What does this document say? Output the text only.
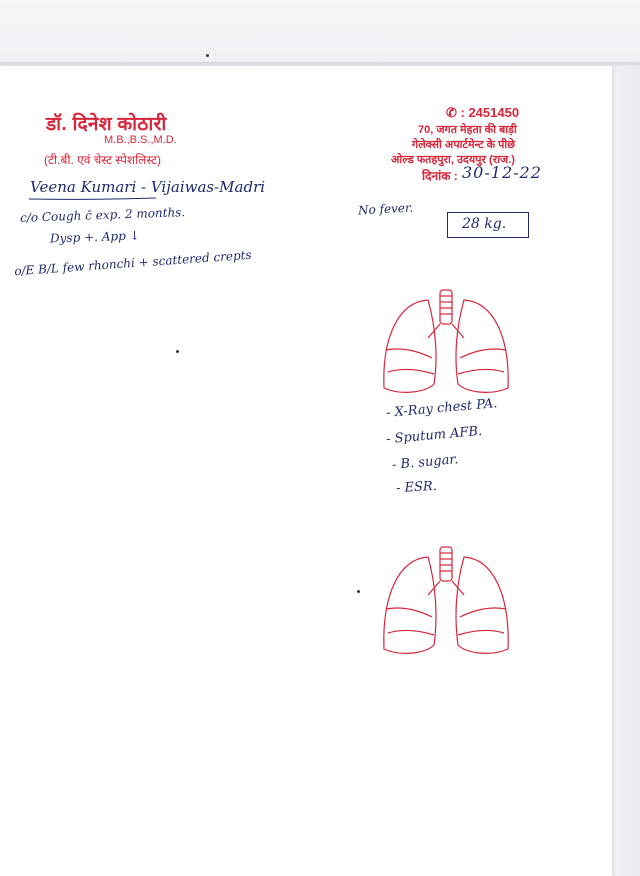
डॉ. दिनेश कोठारी
M.B.,B.S.,M.D.
(टी.बी. एवं चेस्ट स्पेशलिस्ट)
✆ : 2451450
70, जगत मेहता की बाड़ी
गेलेक्सी अपार्टमेन्ट के पीछे
ओल्ड फतहपुरा, उदयपुर (राज.)
दिनांक : 30-12-22
Veena Kumari - Vijaiwas-Madri
c/o Cough c̄ exp. 2 months.
Dysp +. App ↓
o/E B/L few rhonchi + scattered crepts
No fever.
28 kg.
- X-Ray chest PA.
- Sputum AFB.
- B. sugar.
- ESR.
